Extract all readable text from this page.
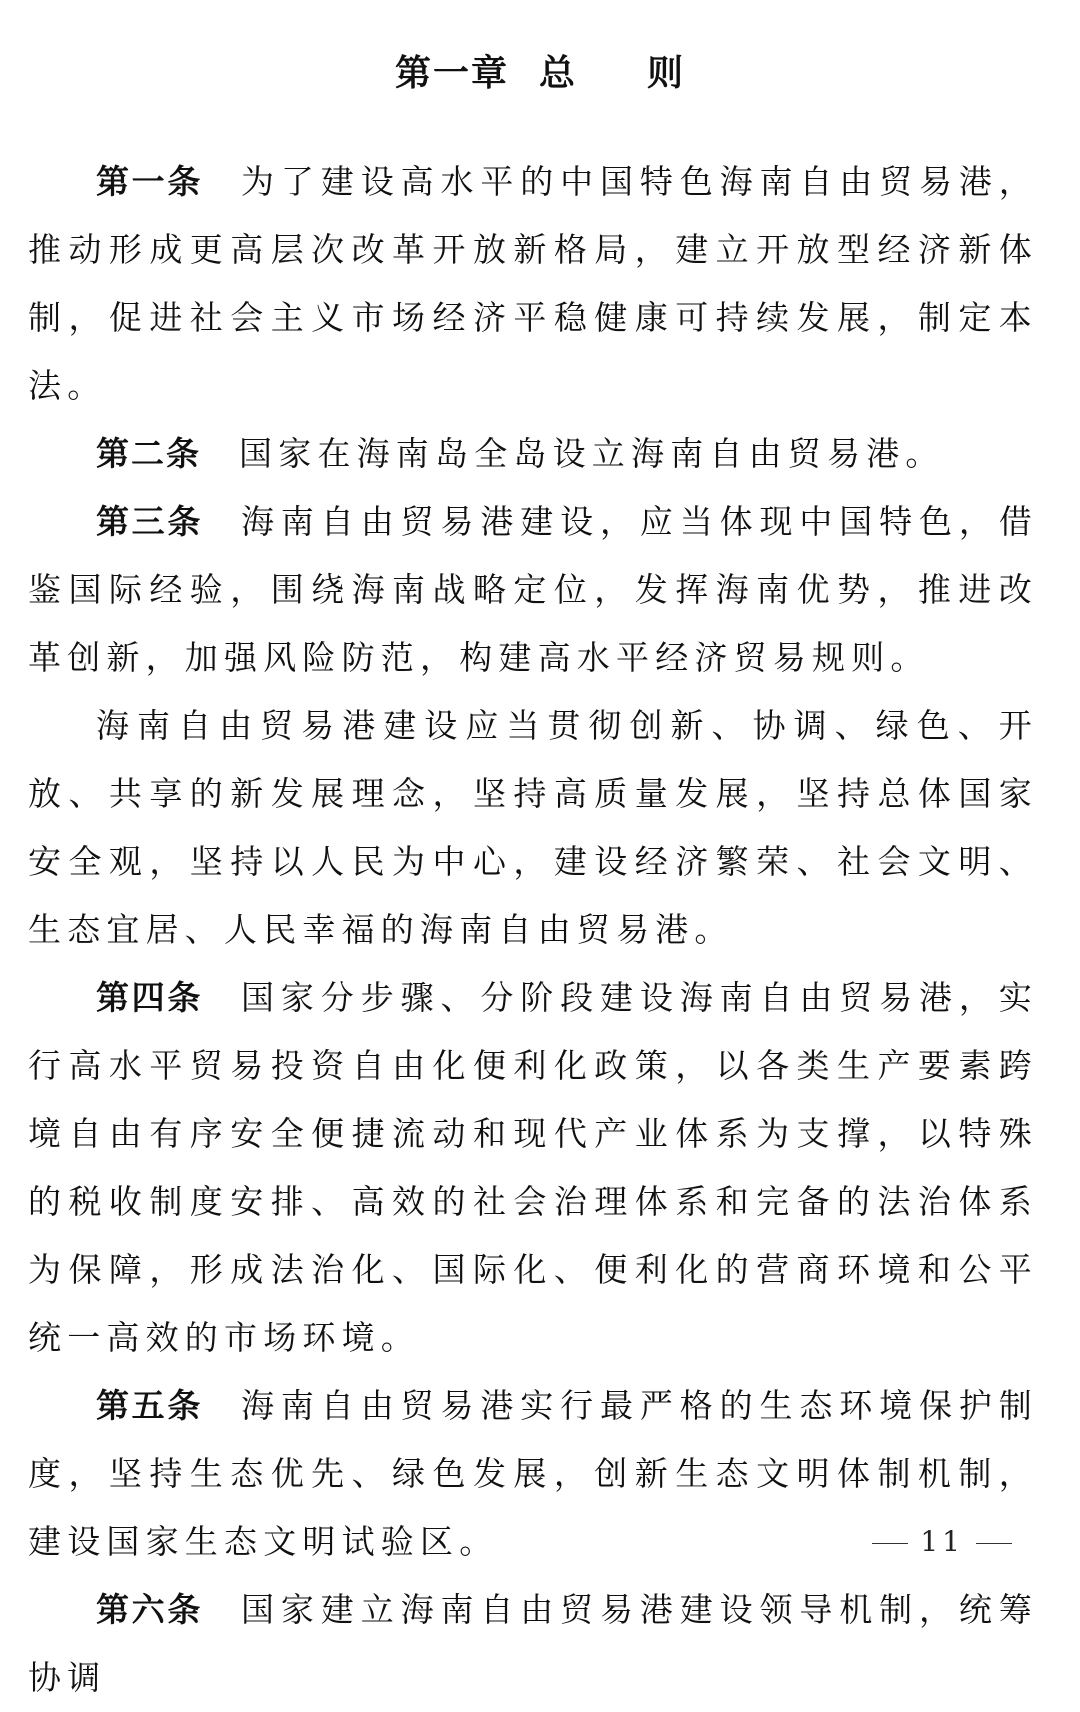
第一章 总 则

第一条 为了建设高水平的中国特色海南自由贸易港，推动形成更高层次改革开放新格局，建立开放型经济新体制，促进社会主义市场经济平稳健康可持续发展，制定本法。

第二条 国家在海南岛全岛设立海南自由贸易港。

第三条 海南自由贸易港建设，应当体现中国特色，借鉴国际经验，围绕海南战略定位，发挥海南优势，推进改革创新，加强风险防范，构建高水平经济贸易规则。

海南自由贸易港建设应当贯彻创新、协调、绿色、开放、共享的新发展理念，坚持高质量发展，坚持总体国家安全观，坚持以人民为中心，建设经济繁荣、社会文明、生态宜居、人民幸福的海南自由贸易港。

第四条 国家分步骤、分阶段建设海南自由贸易港，实行高水平贸易投资自由化便利化政策，以各类生产要素跨境自由有序安全便捷流动和现代产业体系为支撑，以特殊的税收制度安排、高效的社会治理体系和完备的法治体系为保障，形成法治化、国际化、便利化的营商环境和公平统一高效的市场环境。

第五条 海南自由贸易港实行最严格的生态环境保护制度，坚持生态优先、绿色发展，创新生态文明体制机制，建设国家生态文明试验区。

第六条 国家建立海南自由贸易港建设领导机制，统筹协调

11
